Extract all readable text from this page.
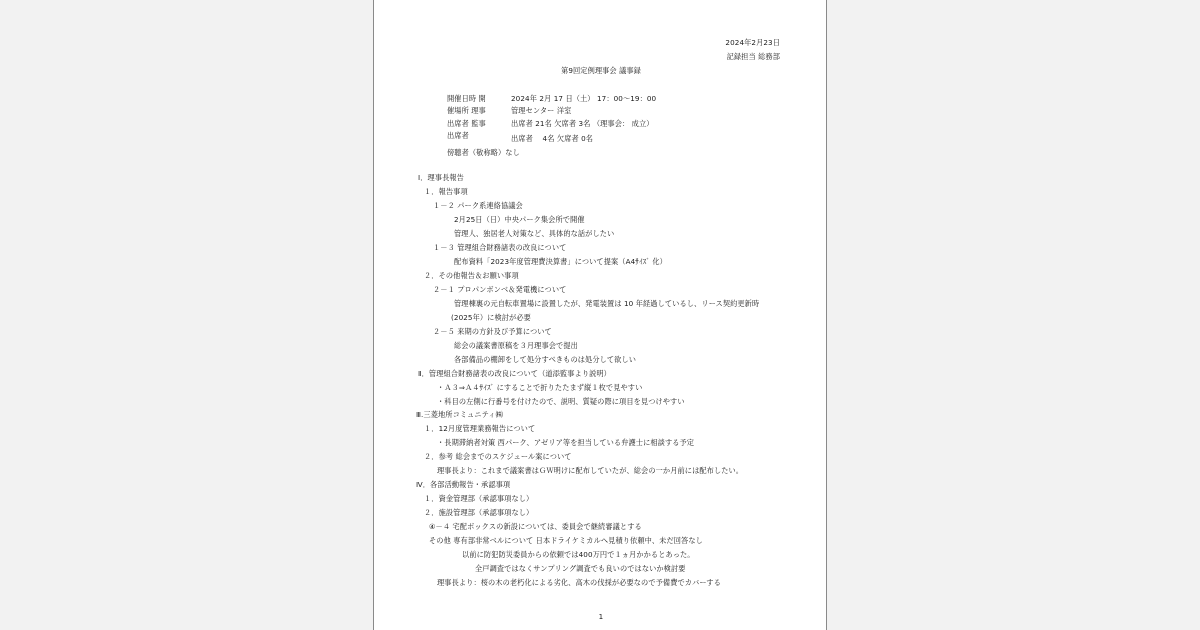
2024年2月23日
記録担当 総務部
第9回定例理事会 議事録
開催日時 開	2024年 2月 17 日（土） 17：00～19：00
催場所 理事	管理センター 洋室
出席者 監事	出席者 21名 欠席者 3名 （理事会： 成立）
出席者	出席者　 4名 欠席者 0名
傍聴者（敬称略）なし
Ⅰ．理事長報告
１．報告事項
１－２ パーク系連絡協議会
2月25日（日）中央パーク集会所で開催
管理人、独居老人対策など、具体的な話がしたい
１－３ 管理組合財務諸表の改良について
配布資料「2023年度管理費決算書」について提案（A4ｻｲｽﾞ 化）
２．その他報告＆お願い事項
２－１ プロパンボンベ＆発電機について
管理棟裏の元自転車置場に設置したが、発電装置は 10 年経過しているし、リース契約更新時
(2025年）に検討が必要
２－５ 来期の方針及び予算について
総会の議案書原稿を３月理事会で提出
各部備品の棚卸をして処分すべきものは処分して欲しい
Ⅱ．管理組合財務諸表の改良について（道添監事より説明）
・Ａ３⇒Ａ４ｻｲｽﾞ にすることで折りたたまず縦１枚で見やすい
・科目の左側に行番号を付けたので、説明、質疑の際に項目を見つけやすい
Ⅲ.三菱地所コミュニティ㈱
１．12月度管理業務報告について
・長期滞納者対策 西パーク、アゼリア等を担当している弁護士に相談する予定
２．参考 総会までのスケジュール案について
理事長より：これまで議案書はＧＷ明けに配布していたが、総会の一か月前には配布したい。
Ⅳ．各部活動報告・承認事項
１．資金管理部（承認事項なし）
２．施設管理部（承認事項なし）
④－４ 宅配ボックスの新設については、委員会で継続審議とする
その他 専有部非常ベルについて 日本ドライケミカルへ見積り依頼中、未だ回答なし
以前に防犯防災委員からの依頼では400万円で１ヵ月かかるとあった。
全戸調査ではなくサンプリング調査でも良いのではないか検討要
理事長より：桜の木の老朽化による劣化、高木の伐採が必要なので予備費でカバーする
1
